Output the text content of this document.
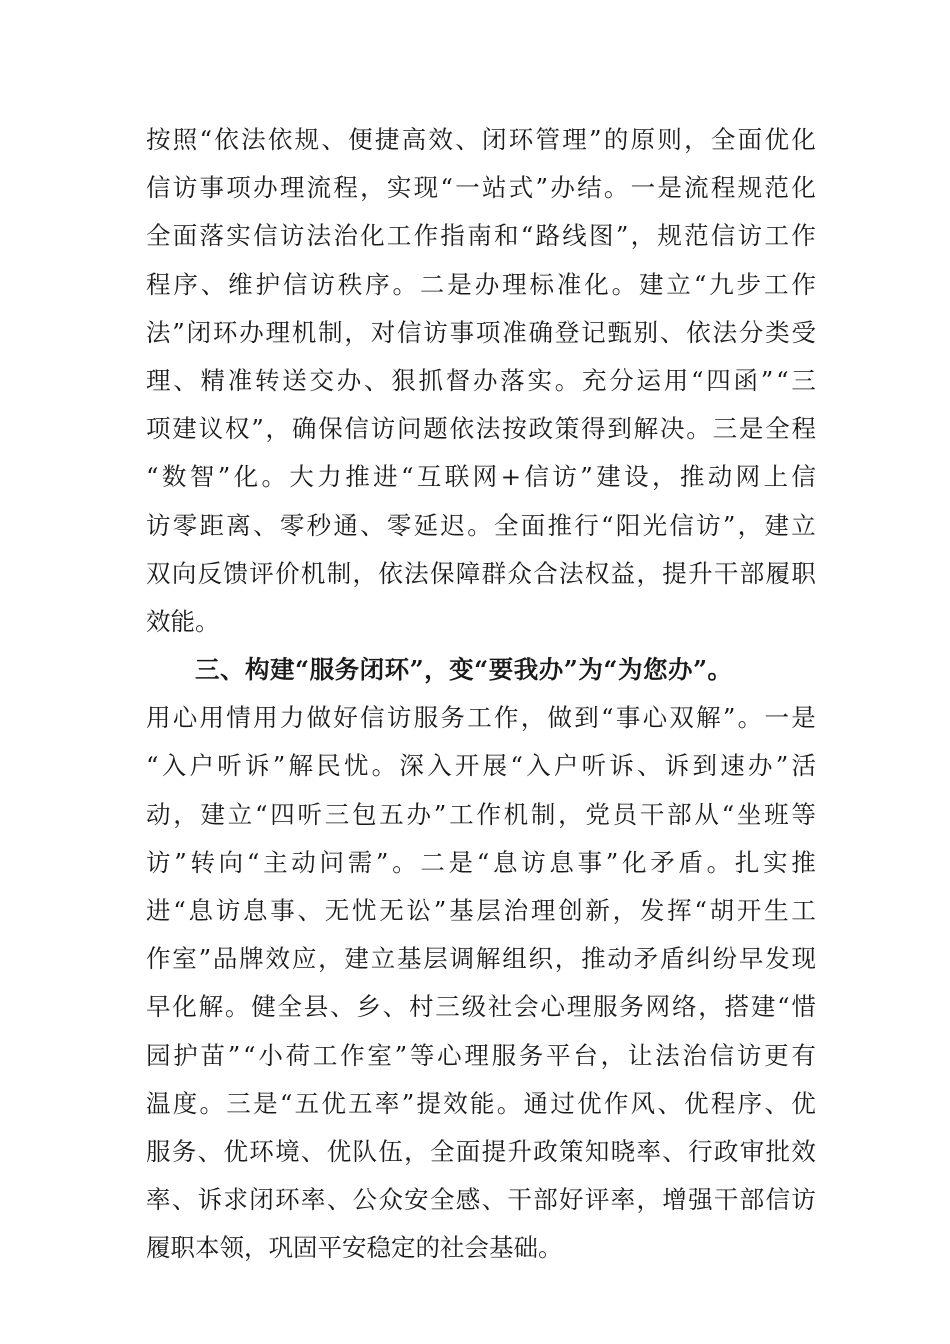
按 照 “ 依 法 依 规 、 便 捷 高 效 、 闭 环 管 理 ” 的 原 则 ， 全 面 优 化
信 访 事 项 办 理 流 程 ， 实 现 “ 一 站 式 ” 办 结 。 一 是 流 程 规 范 化
全 面 落 实 信 访 法 治 化 工 作 指 南 和 “ 路 线 图 ” ， 规 范 信 访 工 作
程 序 、 维 护 信 访 秩 序 。 二 是 办 理 标 准 化 。 建 立 “ 九 步 工 作
法 ” 闭 环 办 理 机 制 ， 对 信 访 事 项 准 确 登 记 甄 别 、 依 法 分 类 受
理 、 精 准 转 送 交 办 、 狠 抓 督 办 落 实 。 充 分 运 用 “ 四 函 ” “ 三
项 建 议 权 ” ， 确 保 信 访 问 题 依 法 按 政 策 得 到 解 决 。 三 是 全 程
“ 数 智 ” 化 。 大 力 推 进 “ 互 联 网 + 信 访 ” 建 设 ， 推 动 网 上 信
访 零 距 离 、 零 秒 通 、 零 延 迟 。 全 面 推 行 “ 阳 光 信 访 ” ， 建 立
双 向 反 馈 评 价 机 制 ， 依 法 保 障 群 众 合 法 权 益 ， 提 升 干 部 履 职
效能。
三、构建“服务闭环”，变“要我办”为“为您办”。
用 心 用 情 用 力 做 好 信 访 服 务 工 作 ， 做 到 “ 事 心 双 解 ” 。 一 是
“ 入 户 听 诉 ” 解 民 忧 。 深 入 开 展 “ 入 户 听 诉 、 诉 到 速 办 ” 活
动 ， 建 立 “ 四 听 三 包 五 办 ” 工 作 机 制 ， 党 员 干 部 从 “ 坐 班 等
访 ” 转 向 “ 主 动 问 需 ” 。 二 是 “ 息 访 息 事 ” 化 矛 盾 。 扎 实 推
进 “ 息 访 息 事 、 无 忧 无 讼 ” 基 层 治 理 创 新 ， 发 挥 “ 胡 开 生 工
作 室 ” 品 牌 效 应 ， 建 立 基 层 调 解 组 织 ， 推 动 矛 盾 纠 纷 早 发 现
早 化 解 。 健 全 县 、 乡 、 村 三 级 社 会 心 理 服 务 网 络 ， 搭 建 “ 惜
园 护 苗 ” “ 小 荷 工 作 室 ” 等 心 理 服 务 平 台 ， 让 法 治 信 访 更 有
温 度 。 三 是 “ 五 优 五 率 ” 提 效 能 。 通 过 优 作 风 、 优 程 序 、 优
服 务 、 优 环 境 、 优 队 伍 ， 全 面 提 升 政 策 知 晓 率 、 行 政 审 批 效
率 、 诉 求 闭 环 率 、 公 众 安 全 感 、 干 部 好 评 率 ， 增 强 干 部 信 访
履职本领，巩固平安稳定的社会基础。
